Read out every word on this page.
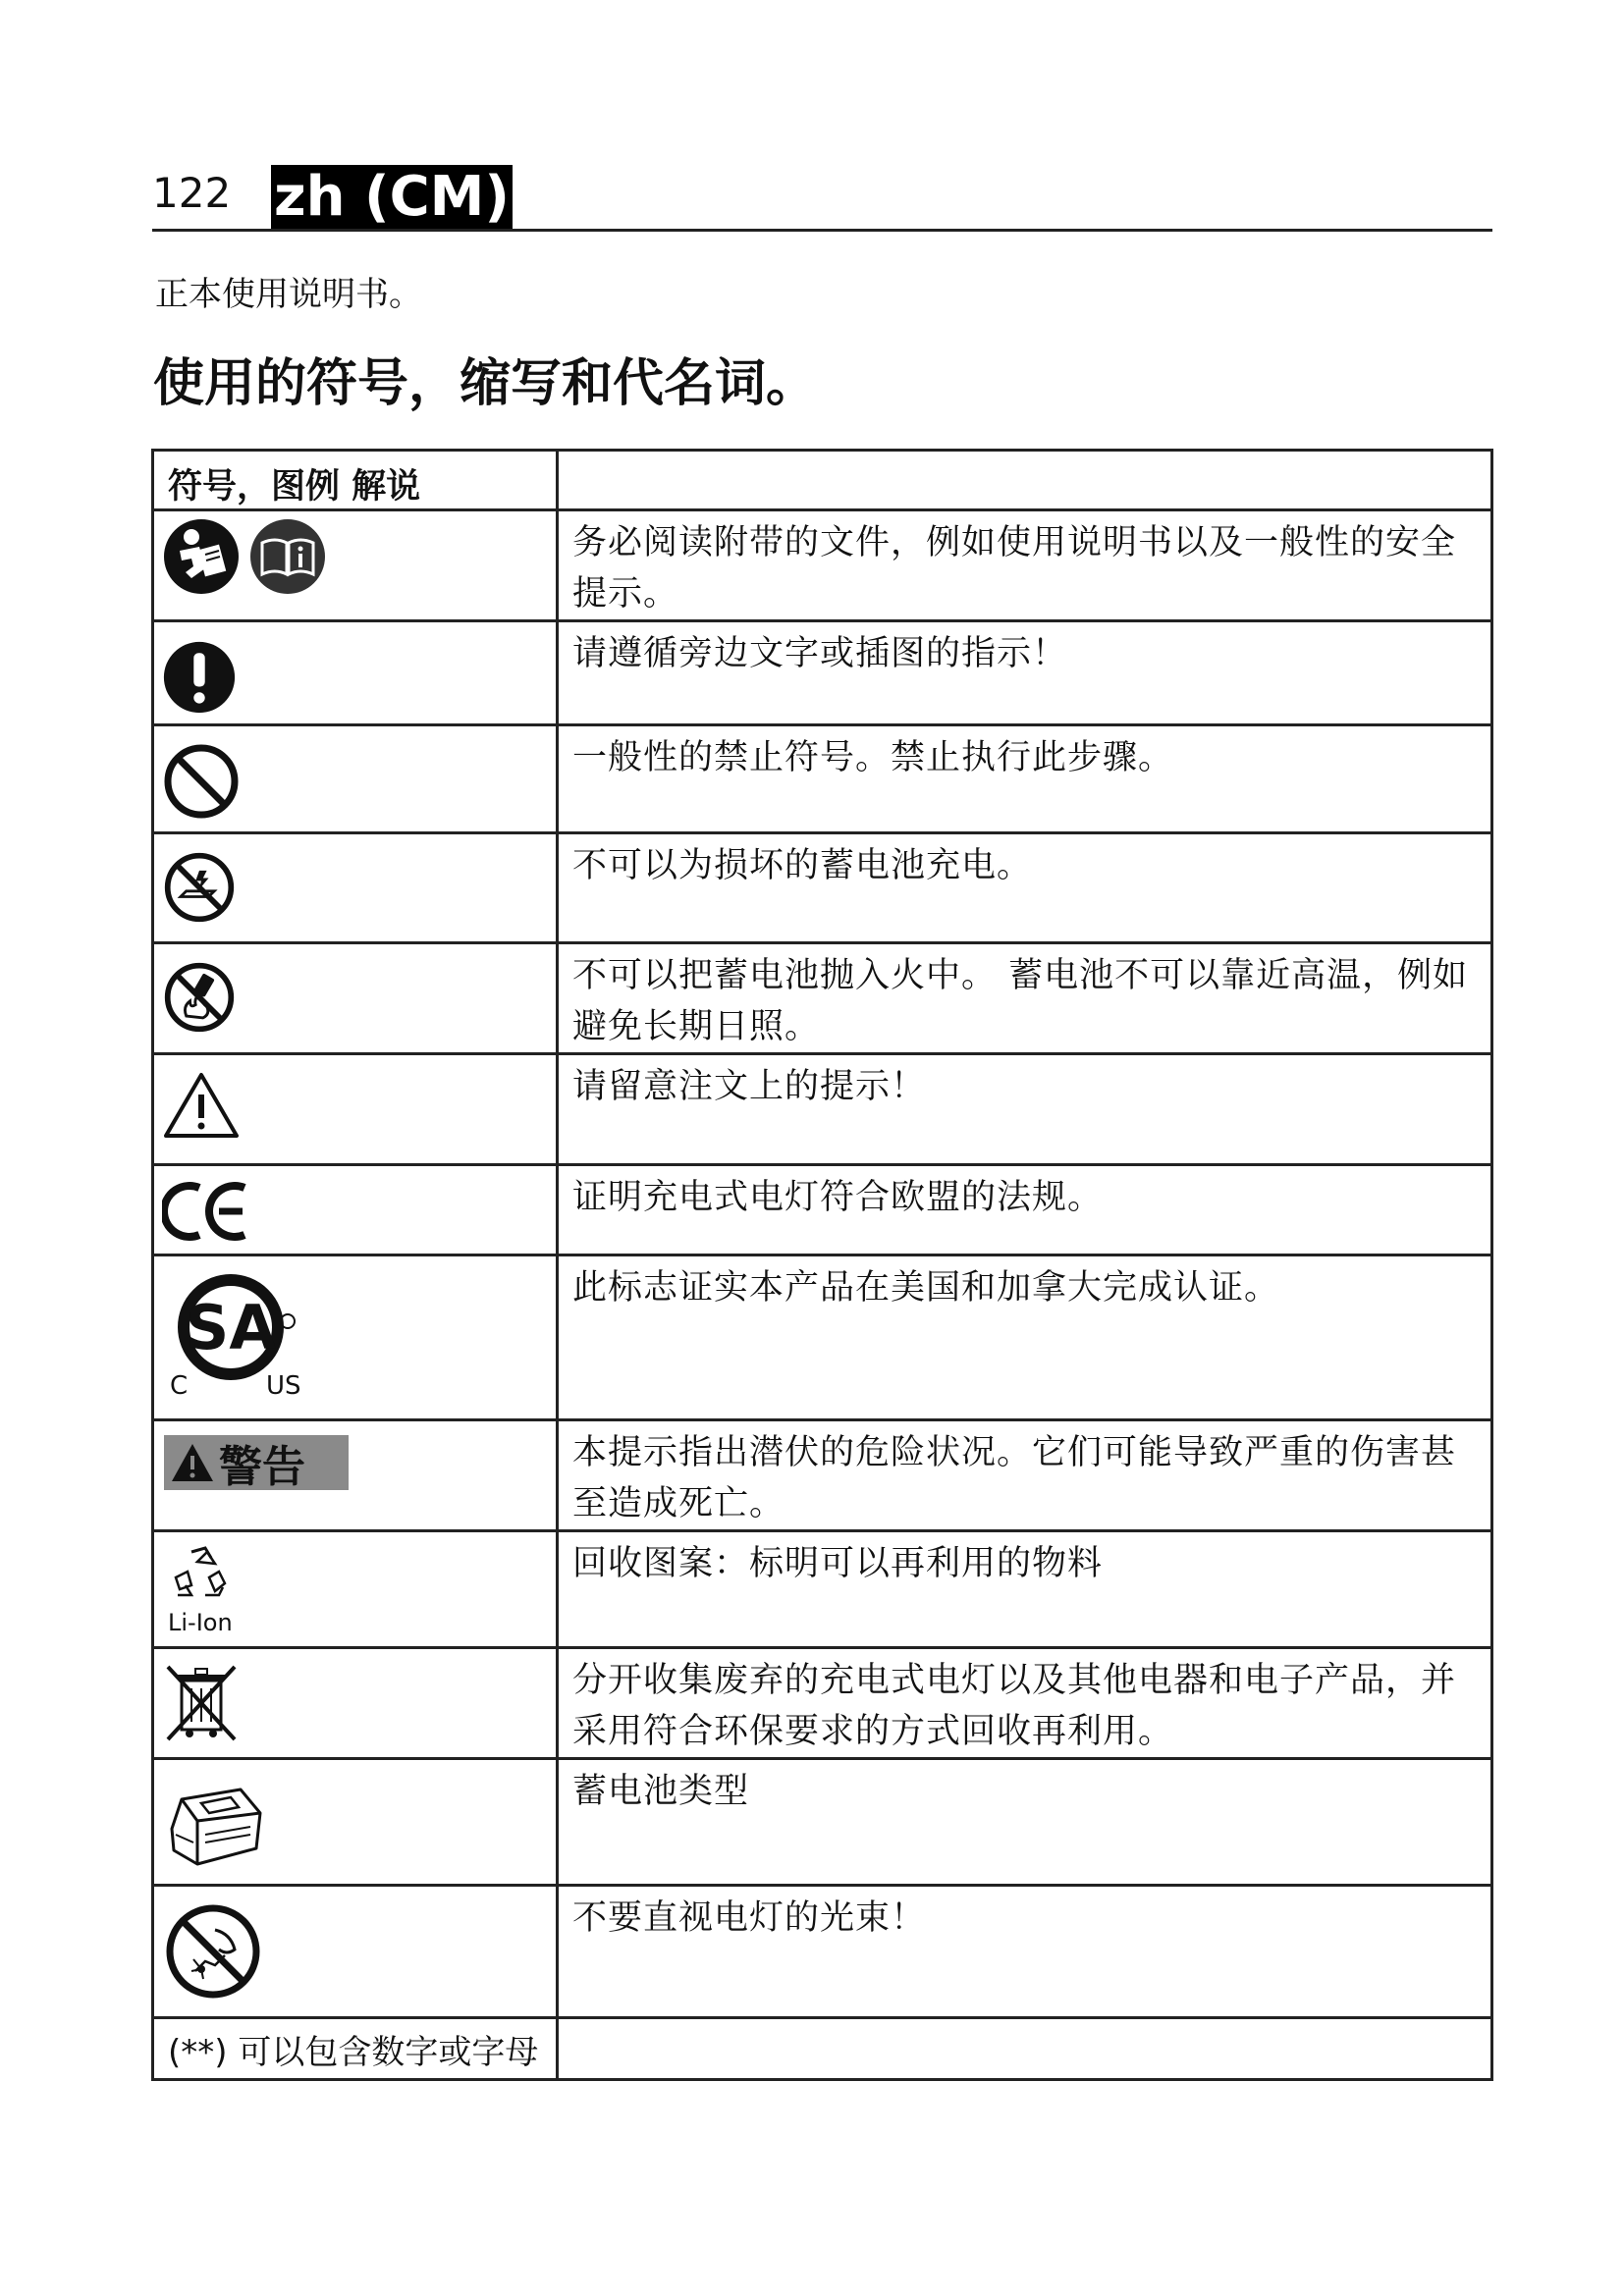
122 zh (CM)
正本使用说明书。
使用的符号，缩写和代名词。
符号，图例 解说	

	务必阅读附带的文件，例如使用说明书以及一般性的安全提示。

	请遵循旁边文字或插图的指示！

	一般性的禁止符号。禁止执行此步骤。

	不可以为损坏的蓄电池充电。

	不可以把蓄电池抛入火中。 蓄电池不可以靠近高温，例如 避免长期日照。

	请留意注文上的提示！

	证明充电式电灯符合欧盟的法规。

SA
C US	此标志证实本产品在美国和加拿大完成认证。

警告	本提示指出潜伏的危险状况。它们可能导致严重的伤害甚至造成死亡。

Li-Ion	回收图案：标明可以再利用的物料

	分开收集废弃的充电式电灯以及其他电器和电子产品，并采用符合环保要求的方式回收再利用。

	蓄电池类型

	不要直视电灯的光束！

(**) 可以包含数字或字母	
